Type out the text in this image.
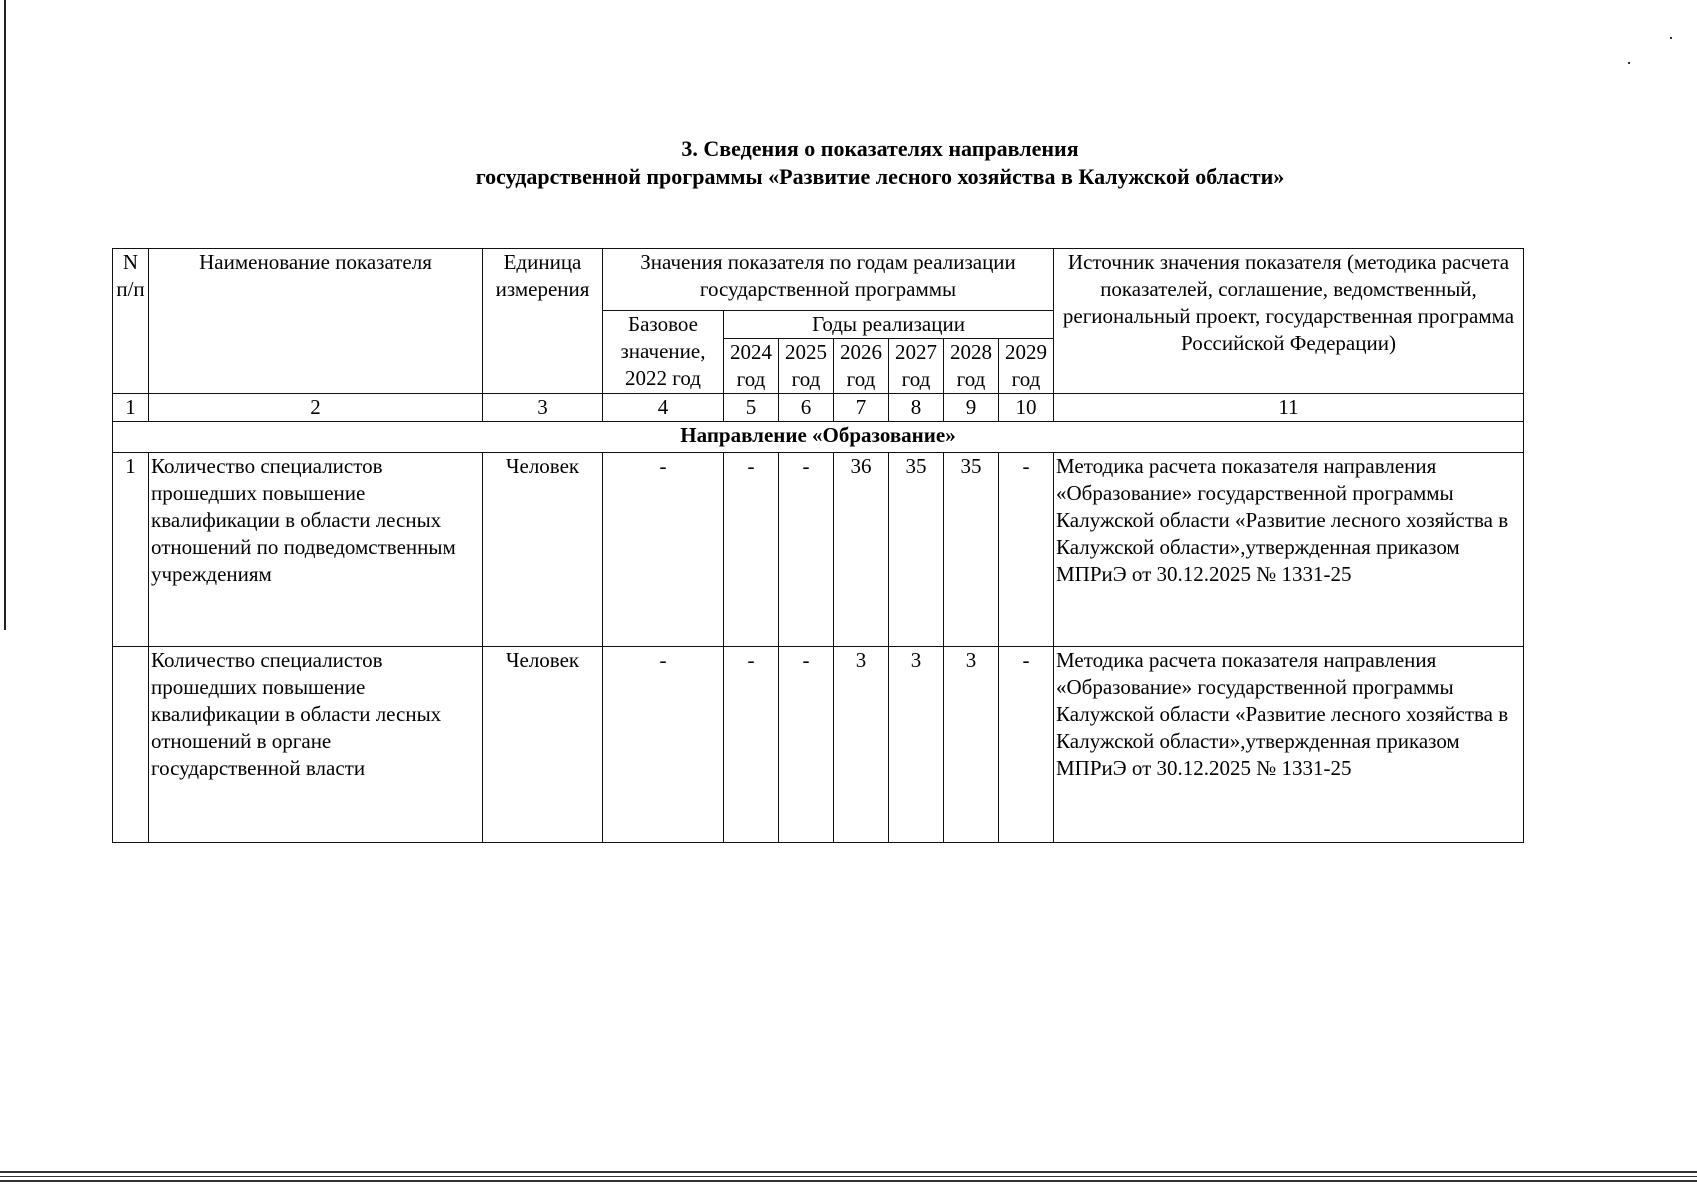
3. Сведения о показателях направления
государственной программы «Развитие лесного хозяйства в Калужской области»
N п/п	Наименование показателя	Единица измерения	Значения показателя по годам реализации государственной программы							Источник значения показателя (методика расчета показателей, соглашение, ведомственный, региональный проект, государственная программа Российской Федерации)
			Базовое значение, 2022 год	Годы реализации						
				2024 год	2025 год	2026 год	2027 год	2028 год	2029 год	
1	2	3	4	5	6	7	8	9	10	11
Направление «Образование»										
1	Количество специалистов прошедших повышение квалификации в области лесных отношений по подведомственным учреждениям	Человек	-	-	-	36	35	35	-	Методика расчета показателя направления «Образование» государственной программы Калужской области «Развитие лесного хозяйства в Калужской области»,утвержденная приказом МПРиЭ от 30.12.2025 № 1331-25
	Количество специалистов прошедших повышение квалификации в области лесных отношений в органе государственной власти	Человек	-	-	-	3	3	3	-	Методика расчета показателя направления «Образование» государственной программы Калужской области «Развитие лесного хозяйства в Калужской области»,утвержденная приказом МПРиЭ от 30.12.2025 № 1331-25
